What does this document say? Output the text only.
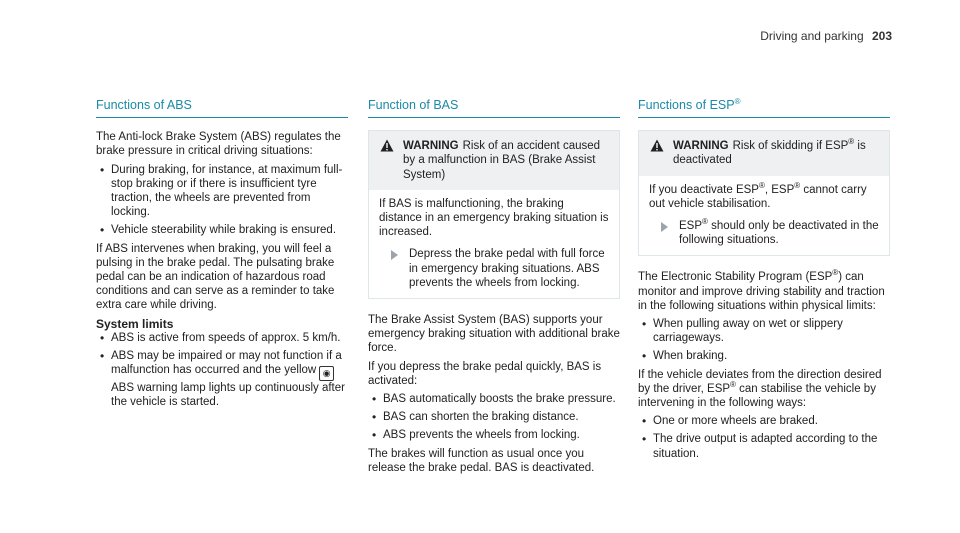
Driving and parking 203
Functions of ABS

The Anti-lock Brake System (ABS) regulates the brake pressure in critical driving situations:

• During braking, for instance, at maximum full-stop braking or if there is insufficient tyre traction, the wheels are prevented from locking.
• Vehicle steerability while braking is ensured.

If ABS intervenes when braking, you will feel a pulsing in the brake pedal. The pulsating brake pedal can be an indication of hazardous road conditions and can serve as a reminder to take extra care while driving.

System limits
• ABS is active from speeds of approx. 5 km/h.
• ABS may be impaired or may not function if a malfunction has occurred and the yellow ◉ ABS warning lamp lights up continuously after the vehicle is started.
Function of BAS
WARNING Risk of an accident caused by a malfunction in BAS (Brake Assist System)

If BAS is malfunctioning, the braking distance in an emergency braking situation is increased.

Depress the brake pedal with full force in emergency braking situations. ABS prevents the wheels from locking.

The Brake Assist System (BAS) supports your emergency braking situation with additional brake force.

If you depress the brake pedal quickly, BAS is activated:

• BAS automatically boosts the brake pressure.
• BAS can shorten the braking distance.
• ABS prevents the wheels from locking.

The brakes will function as usual once you release the brake pedal. BAS is deactivated.

Functions of ESP®
WARNING Risk of skidding if ESP® is deactivated

If you deactivate ESP®, ESP® cannot carry out vehicle stabilisation.

ESP® should only be deactivated in the following situations.

The Electronic Stability Program (ESP®) can monitor and improve driving stability and traction in the following situations within physical limits:

• When pulling away on wet or slippery carriageways.
• When braking.

If the vehicle deviates from the direction desired by the driver, ESP® can stabilise the vehicle by intervening in the following ways:

• One or more wheels are braked.
• The drive output is adapted according to the situation.
